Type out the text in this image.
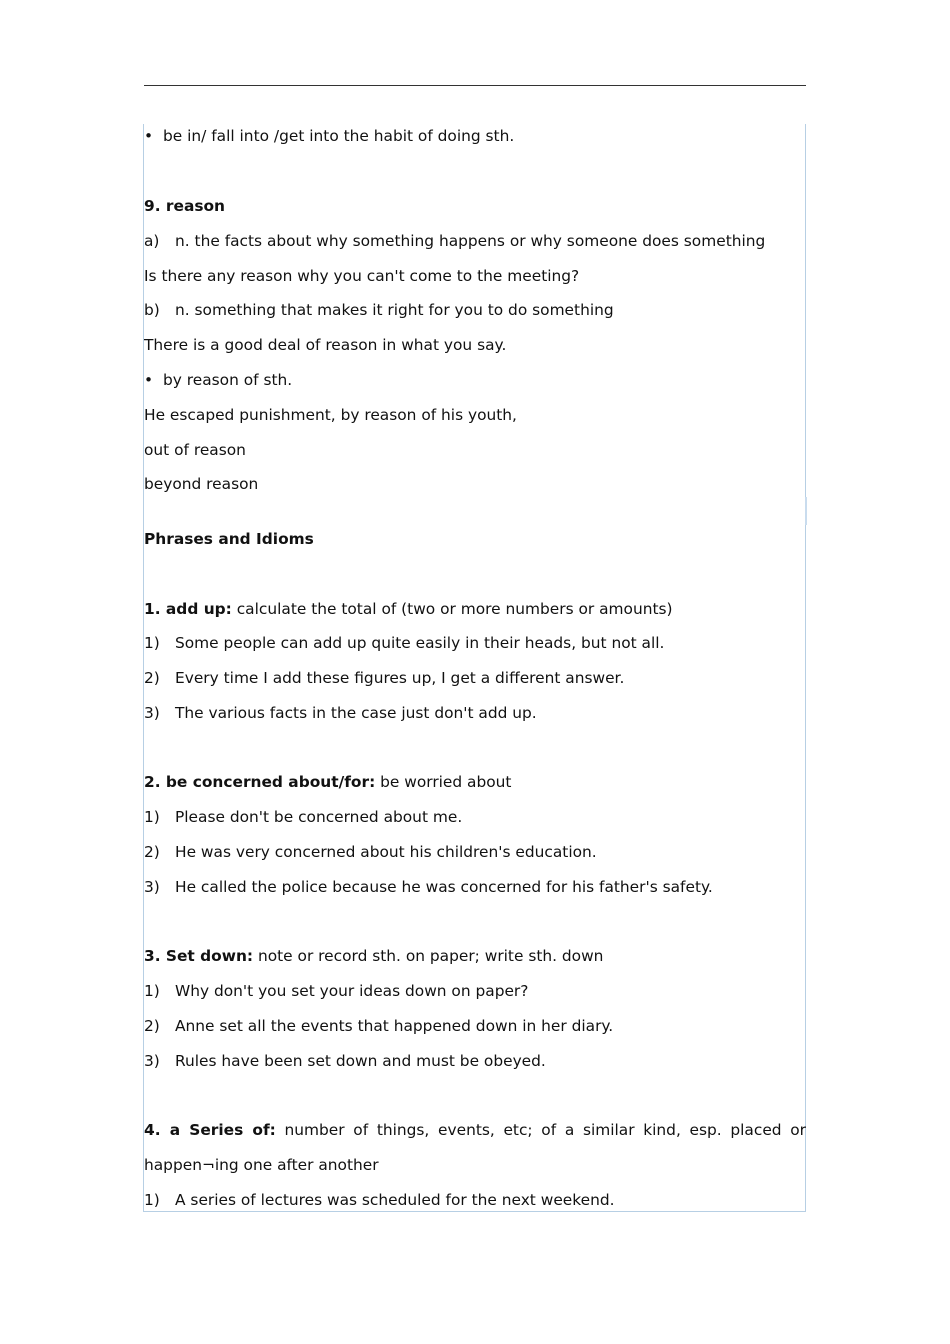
• be in/ fall into /get into the habit of doing sth.
9. reason
a) n. the facts about why something happens or why someone does something
Is there any reason why you can't come to the meeting?
b) n. something that makes it right for you to do something
There is a good deal of reason in what you say.
• by reason of sth.
He escaped punishment, by reason of his youth,
out of reason
beyond reason
Phrases and Idioms
1. add up: calculate the total of (two or more numbers or amounts)
1) Some people can add up quite easily in their heads, but not all.
2) Every time I add these figures up, I get a different answer.
3) The various facts in the case just don't add up.
2. be concerned about/for: be worried about
1) Please don't be concerned about me.
2) He was very concerned about his children's education.
3) He called the police because he was concerned for his father's safety.
3. Set down: note or record sth. on paper; write sth. down
1) Why don't you set your ideas down on paper?
2) Anne set all the events that happened down in her diary.
3) Rules have been set down and must be obeyed.
4. a Series of: number of things, events, etc; of a similar kind, esp. placed or
happen¬ing one after another
1) A series of lectures was scheduled for the next weekend.
